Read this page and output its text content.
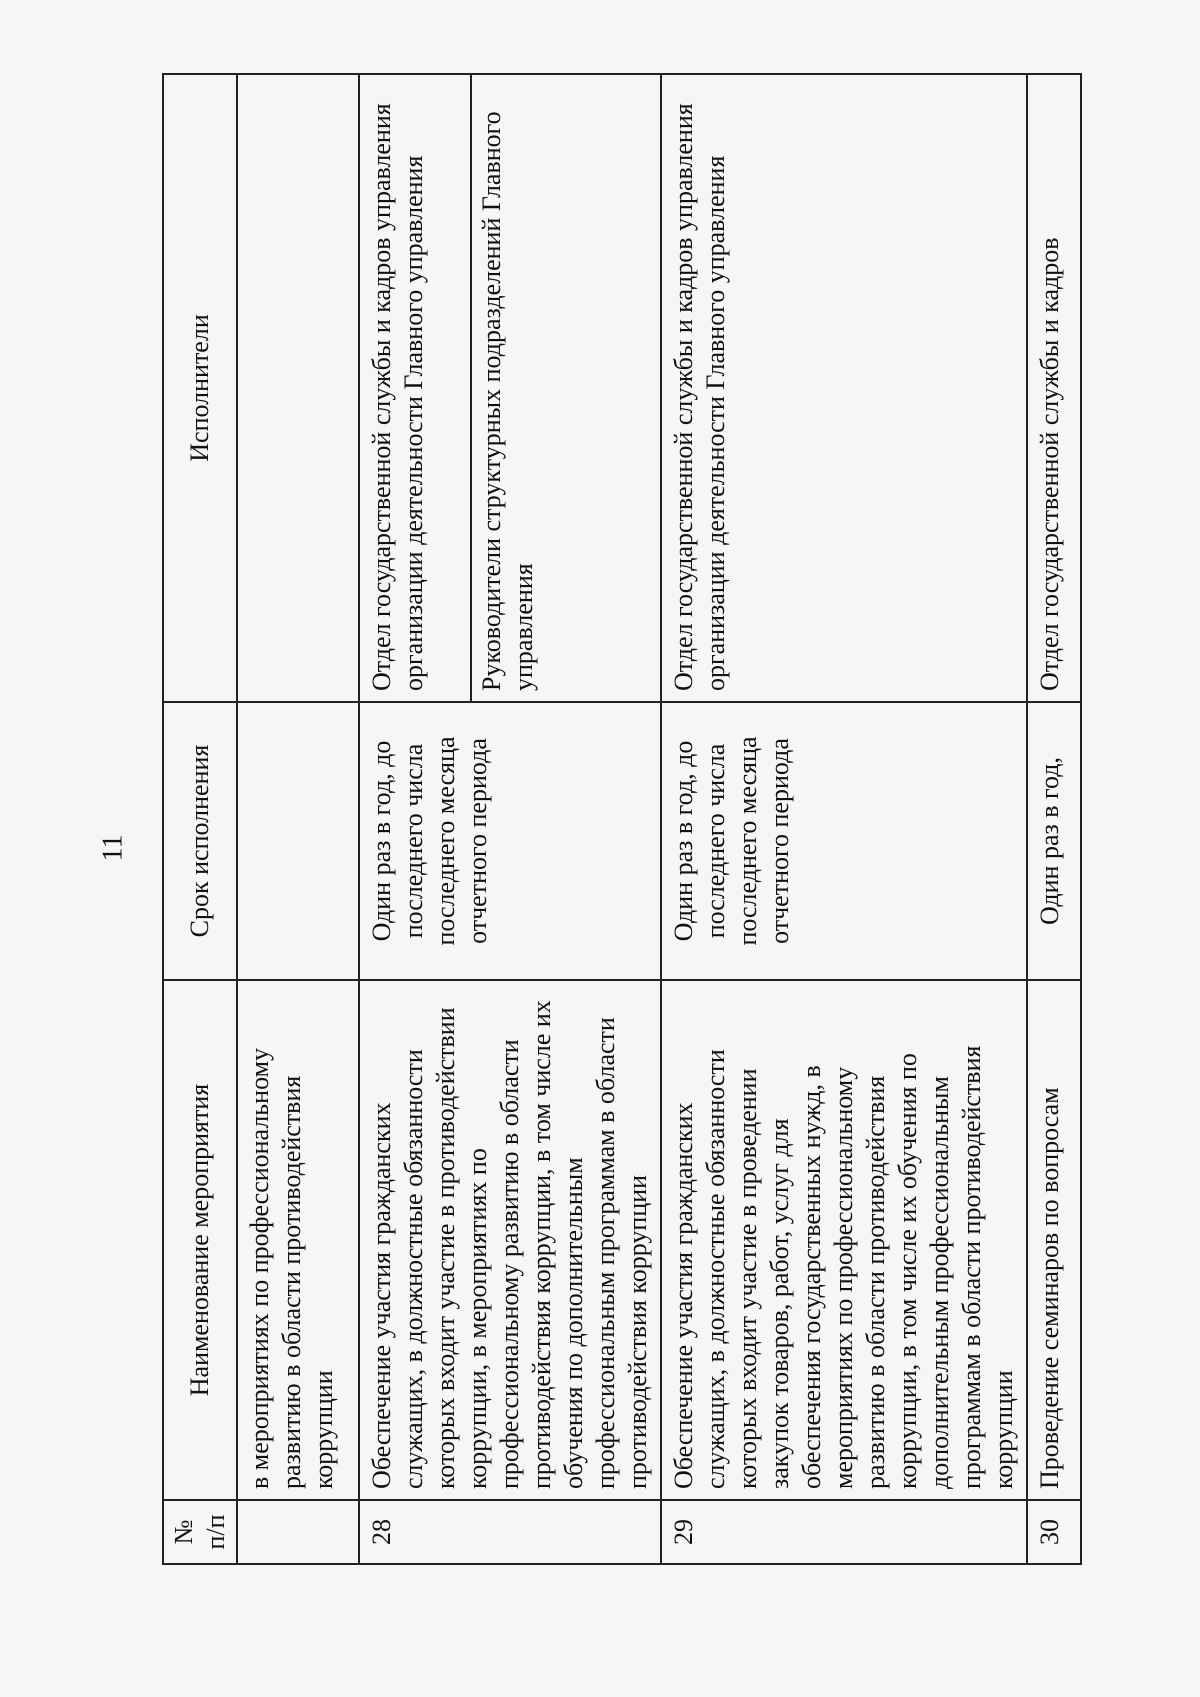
11
№ п/п	Наименование мероприятия	Срок исполнения	Исполнители
	в мероприятиях по профессиональному развитию в области противодействия коррупции		
28	Обеспечение участия гражданских служащих, в должностные обязанности которых входит участие в противодействии коррупции, в мероприятиях по профессиональному развитию в области противодействия коррупции, в том числе их обучения по дополнительным профессиональным программам в области противодействия коррупции	Один раз в год, до последнего числа последнего месяца отчетного периода	Отдел государственной службы и кадров управления организации деятельности Главного управления Руководители структурных подразделений Главного управления

29	Обеспечение участия гражданских служащих, в должностные обязанности которых входит участие в проведении закупок товаров, работ, услуг для обеспечения государственных нужд, в мероприятиях по профессиональному развитию в области противодействия коррупции, в том числе их обучения по дополнительным профессиональным программам в области противодействия коррупции	Один раз в год, до последнего числа последнего месяца отчетного периода	Отдел государственной службы и кадров управления организации деятельности Главного управления
30	Проведение семинаров по вопросам	Один раз в год,	Отдел государственной службы и кадров
